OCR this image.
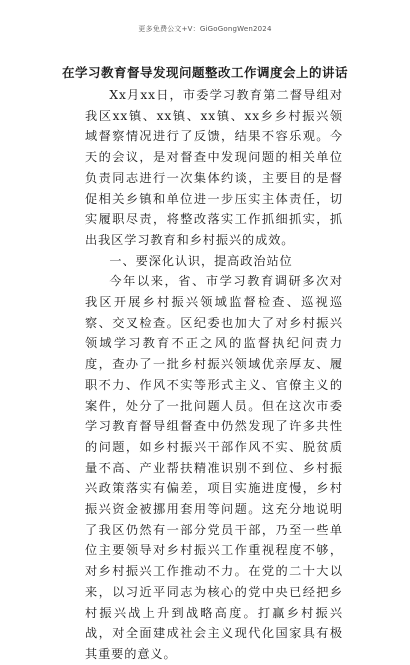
更多免费公文+V：GiGoGongWen2024
在学习教育督导发现问题整改工作调度会上的讲话

Xx月xx日，市委学习教育第二督导组对我区xx镇、xx镇、xx镇、xx乡乡村振兴领域督察情况进行了反馈，结果不容乐观。今天的会议，是对督查中发现问题的相关单位负责同志进行一次集体约谈，主要目的是督促相关乡镇和单位进一步压实主体责任，切实履职尽责，将整改落实工作抓细抓实，抓出我区学习教育和乡村振兴的成效。

一、要深化认识，提高政治站位

今年以来，省、市学习教育调研多次对我区开展乡村振兴领域监督检查、巡视巡察、交叉检查。区纪委也加大了对乡村振兴领域学习教育不正之风的监督执纪问责力度，查办了一批乡村振兴领域优亲厚友、履职不力、作风不实等形式主义、官僚主义的案件，处分了一批问题人员。但在这次市委学习教育督导组督查中仍然发现了许多共性的问题，如乡村振兴干部作风不实、脱贫质量不高、产业帮扶精准识别不到位、乡村振兴政策落实有偏差，项目实施进度慢，乡村振兴资金被挪用套用等问题。这充分地说明了我区仍然有一部分党员干部，乃至一些单位主要领导对乡村振兴工作重视程度不够，对乡村振兴工作推动不力。在党的二十大以来，以习近平同志为核心的党中央已经把乡村振兴战上升到战略高度。打赢乡村振兴战，对全面建成社会主义现代化国家具有极其重要的意义。
